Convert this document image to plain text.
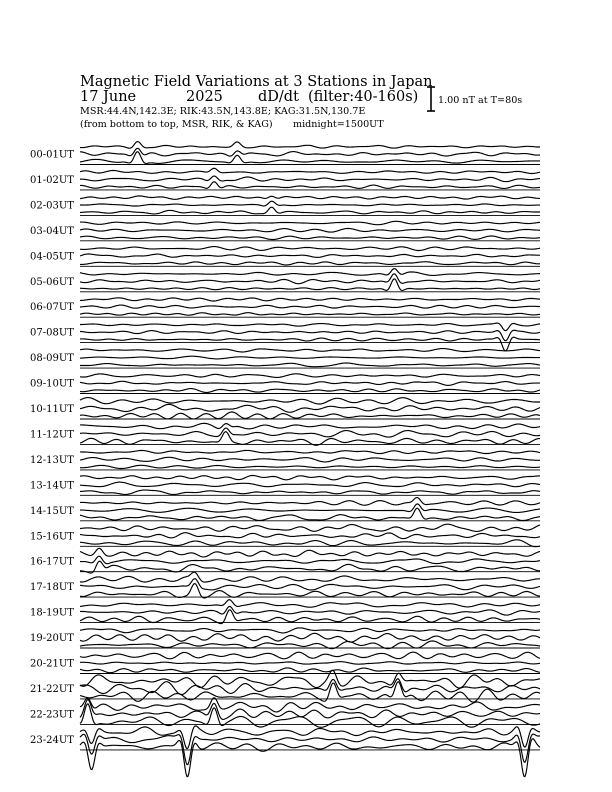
Magnetic Field Variations at 3 Stations in Japan
17 June	2025 dD/dt (filter:40-160s)
MSR:44.4N,142.3E; RIK:43.5N,143.8E; KAG:31.5N,130.7E
(from bottom to top, MSR, RIK, & KAG) midnight=1500UT
1.00 nT at T=80s
00-01UT
01-02UT
02-03UT
03-04UT
04-05UT
05-06UT
06-07UT
07-08UT
08-09UT
09-10UT
10-11UT
11-12UT
12-13UT
13-14UT
14-15UT
15-16UT
16-17UT
17-18UT
18-19UT
19-20UT
20-21UT
21-22UT
22-23UT
23-24UT
